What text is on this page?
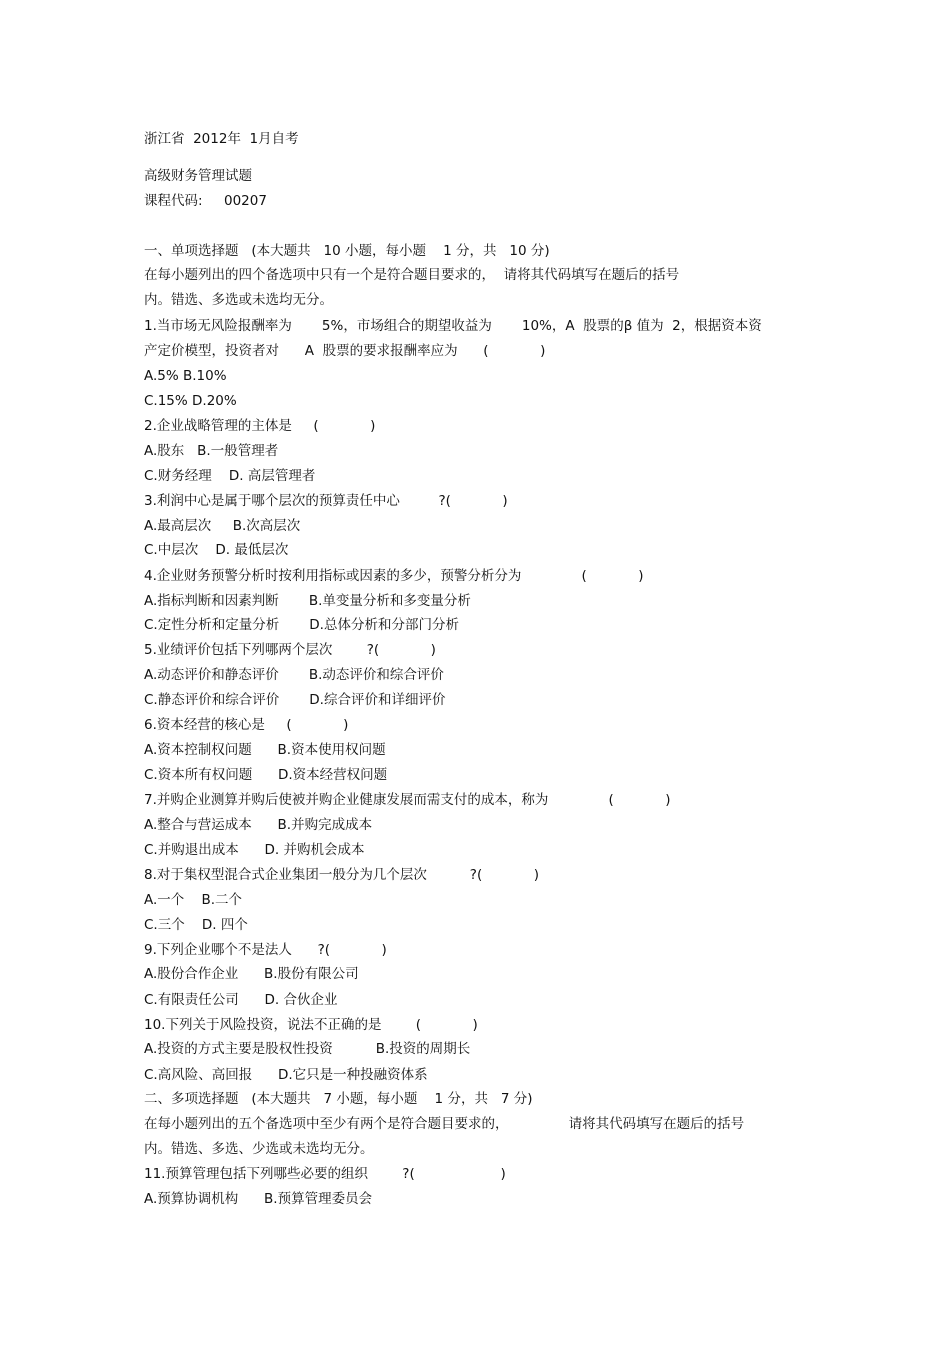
浙江省  2012年  1月自考
高级财务管理试题
课程代码:     00207
一、单项选择题   (本大题共   10 小题，每小题    1 分，共   10 分)
在每小题列出的四个备选项中只有一个是符合题目要求的，  请将其代码填写在题后的括号
内。错选、多选或未选均无分。
1.当市场无风险报酬率为       5%，市场组合的期望收益为       10%，A  股票的β 值为  2，根据资本资
产定价模型，投资者对      A  股票的要求报酬率应为      (            )
A.5% B.10%
C.15% D.20%
2.企业战略管理的主体是     (            )
A.股东   B.一般管理者
C.财务经理    D. 高层管理者
3.利润中心是属于哪个层次的预算责任中心         ?(            )
A.最高层次     B.次高层次
C.中层次    D. 最低层次
4.企业财务预警分析时按利用指标或因素的多少，预警分析分为              (            )
A.指标判断和因素判断       B.单变量分析和多变量分析
C.定性分析和定量分析       D.总体分析和分部门分析
5.业绩评价包括下列哪两个层次        ?(            )
A.动态评价和静态评价       B.动态评价和综合评价
C.静态评价和综合评价       D.综合评价和详细评价
6.资本经营的核心是     (            )
A.资本控制权问题      B.资本使用权问题
C.资本所有权问题      D.资本经营权问题
7.并购企业测算并购后使被并购企业健康发展而需支付的成本，称为              (            )
A.整合与营运成本      B.并购完成成本
C.并购退出成本      D. 并购机会成本
8.对于集权型混合式企业集团一般分为几个层次          ?(            )
A.一个    B.二个
C.三个    D. 四个
9.下列企业哪个不是法人      ?(            )
A.股份合作企业      B.股份有限公司
C.有限责任公司      D. 合伙企业
10.下列关于风险投资，说法不正确的是        (            )
A.投资的方式主要是股权性投资          B.投资的周期长
C.高风险、高回报      D.它只是一种投融资体系
二、多项选择题   (本大题共   7 小题，每小题    1 分，共   7 分)
在每小题列出的五个备选项中至少有两个是符合题目要求的，              请将其代码填写在题后的括号
内。错选、多选、少选或未选均无分。
11.预算管理包括下列哪些必要的组织        ?(                    )
A.预算协调机构      B.预算管理委员会
